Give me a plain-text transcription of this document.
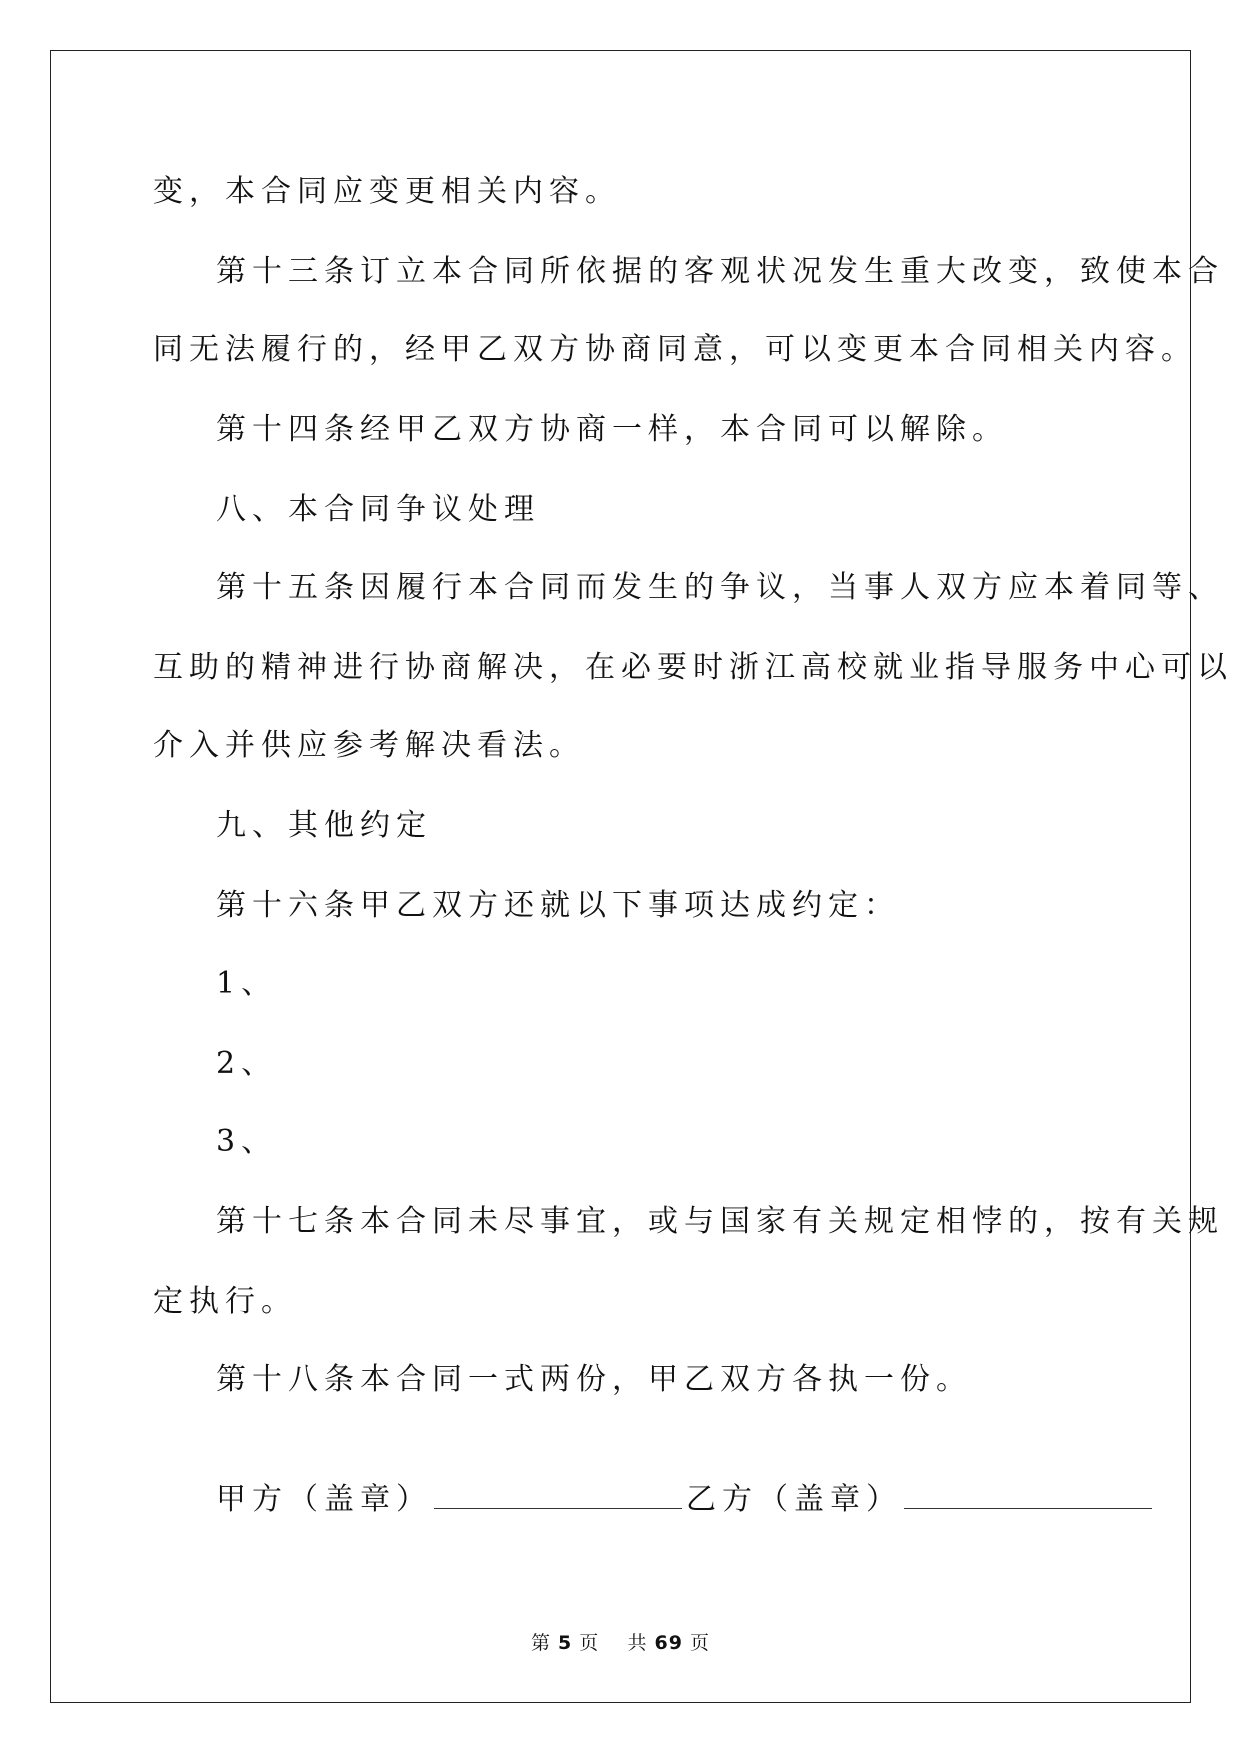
变，本合同应变更相关内容。
第十三条订立本合同所依据的客观状况发生重大改变，致使本合
同无法履行的，经甲乙双方协商同意，可以变更本合同相关内容。
第十四条经甲乙双方协商一样，本合同可以解除。
八、本合同争议处理
第十五条因履行本合同而发生的争议，当事人双方应本着同等、
互助的精神进行协商解决，在必要时浙江高校就业指导服务中心可以
介入并供应参考解决看法。
九、其他约定
第十六条甲乙双方还就以下事项达成约定：
1、
2、
3、
第十七条本合同未尽事宜，或与国家有关规定相悖的，按有关规
定执行。
第十八条本合同一式两份，甲乙双方各执一份。
甲方（盖章）	乙方（盖章）
第 5 页 共 69 页
